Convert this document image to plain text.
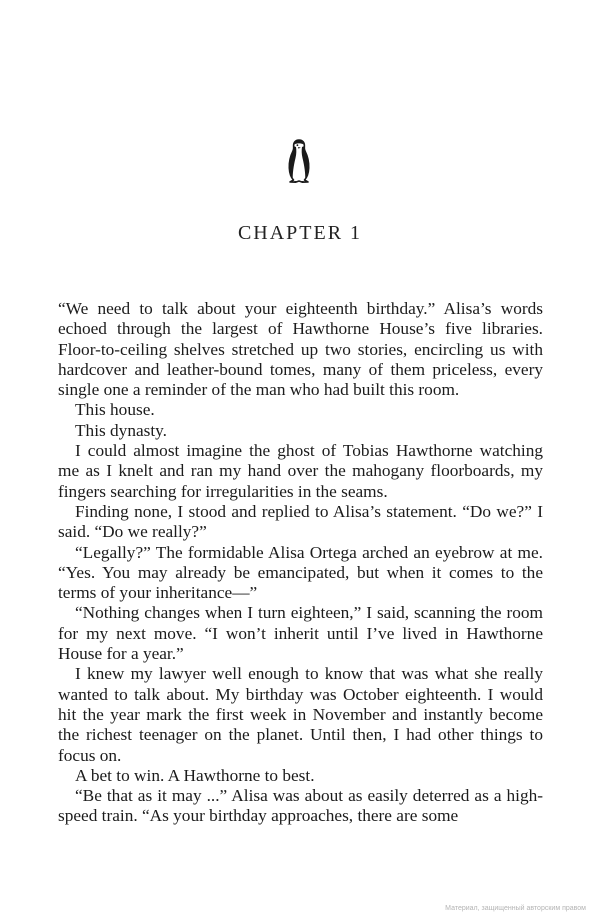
CHAPTER 1

“We need to talk about your eighteenth birthday.” Alisa’s words echoed through the largest of Hawthorne House’s five libraries. Floor-to-ceiling shelves stretched up two stories, encircling us with hardcover and leather-bound tomes, many of them priceless, every single one a reminder of the man who had built this room.

This house.

This dynasty.

I could almost imagine the ghost of Tobias Hawthorne watching me as I knelt and ran my hand over the mahogany floorboards, my fingers searching for irregularities in the seams.

Finding none, I stood and replied to Alisa’s statement. “Do we?” I said. “Do we really?”

“Legally?” The formidable Alisa Ortega arched an eyebrow at me. “Yes. You may already be emancipated, but when it comes to the terms of your inheritance—”

“Nothing changes when I turn eighteen,” I said, scanning the room for my next move. “I won’t inherit until I’ve lived in Hawthorne House for a year.”

I knew my lawyer well enough to know that was what she really wanted to talk about. My birthday was October eighteenth. I would hit the year mark the first week in November and instantly become the richest teenager on the planet. Until then, I had other things to focus on.

A bet to win. A Hawthorne to best.

“Be that as it may ...” Alisa was about as easily deterred as a high-speed train. “As your birthday approaches, there are some

Материал, защищенный авторским правом
